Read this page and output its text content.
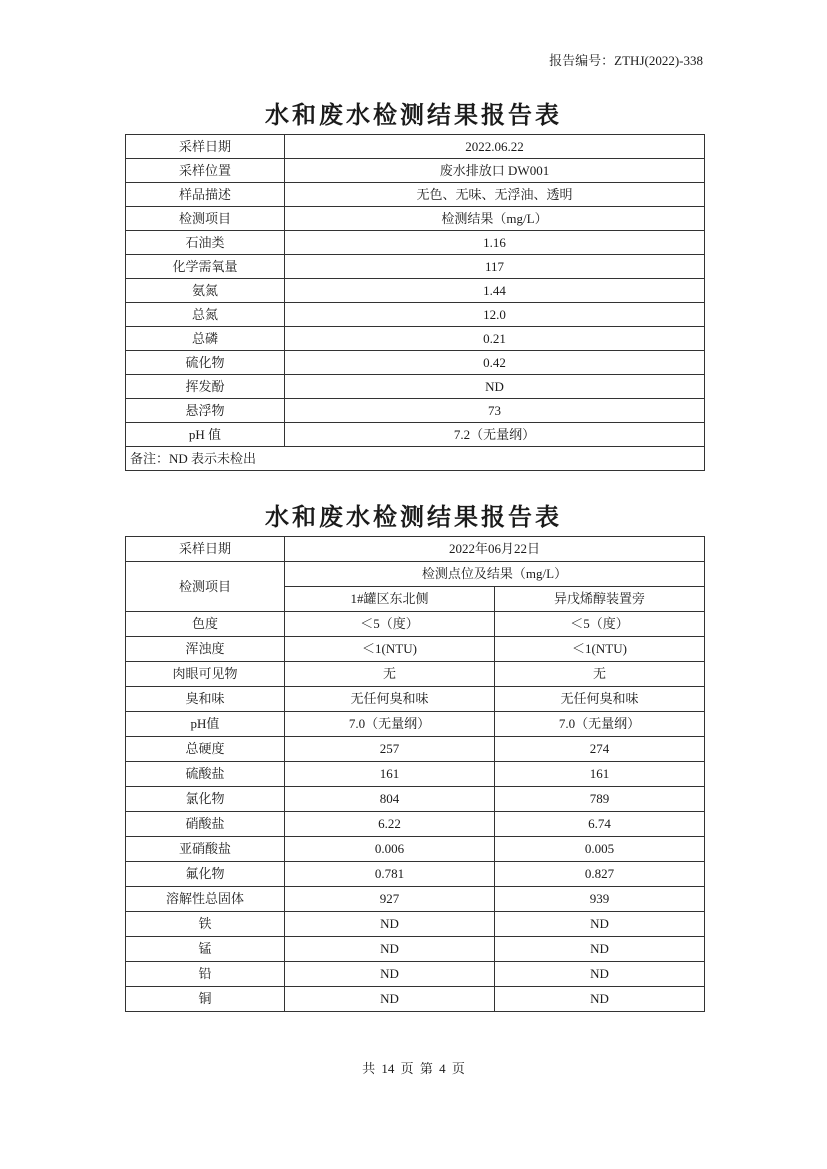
报告编号：ZTHJ(2022)-338
水和废水检测结果报告表
采样日期	2022.06.22
采样位置	废水排放口 DW001
样品描述	无色、无味、无浮油、透明
检测项目	检测结果（mg/L）
石油类	1.16
化学需氧量	117
氨氮	1.44
总氮	12.0
总磷	0.21
硫化物	0.42
挥发酚	ND
悬浮物	73
pH 值	7.2（无量纲）
备注：ND 表示未检出	
水和废水检测结果报告表
采样日期	2022年06月22日	
检测项目	检测点位及结果（mg/L）	
	1#罐区东北侧	异戊烯醇装置旁
色度	＜5（度）	＜5（度）
浑浊度	＜1(NTU)	＜1(NTU)
肉眼可见物	无	无
臭和味	无任何臭和味	无任何臭和味
pH值	7.0（无量纲）	7.0（无量纲）
总硬度	257	274
硫酸盐	161	161
氯化物	804	789
硝酸盐	6.22	6.74
亚硝酸盐	0.006	0.005
氟化物	0.781	0.827
溶解性总固体	927	939
铁	ND	ND
锰	ND	ND
铅	ND	ND
铜	ND	ND
共 14 页 第 4 页
